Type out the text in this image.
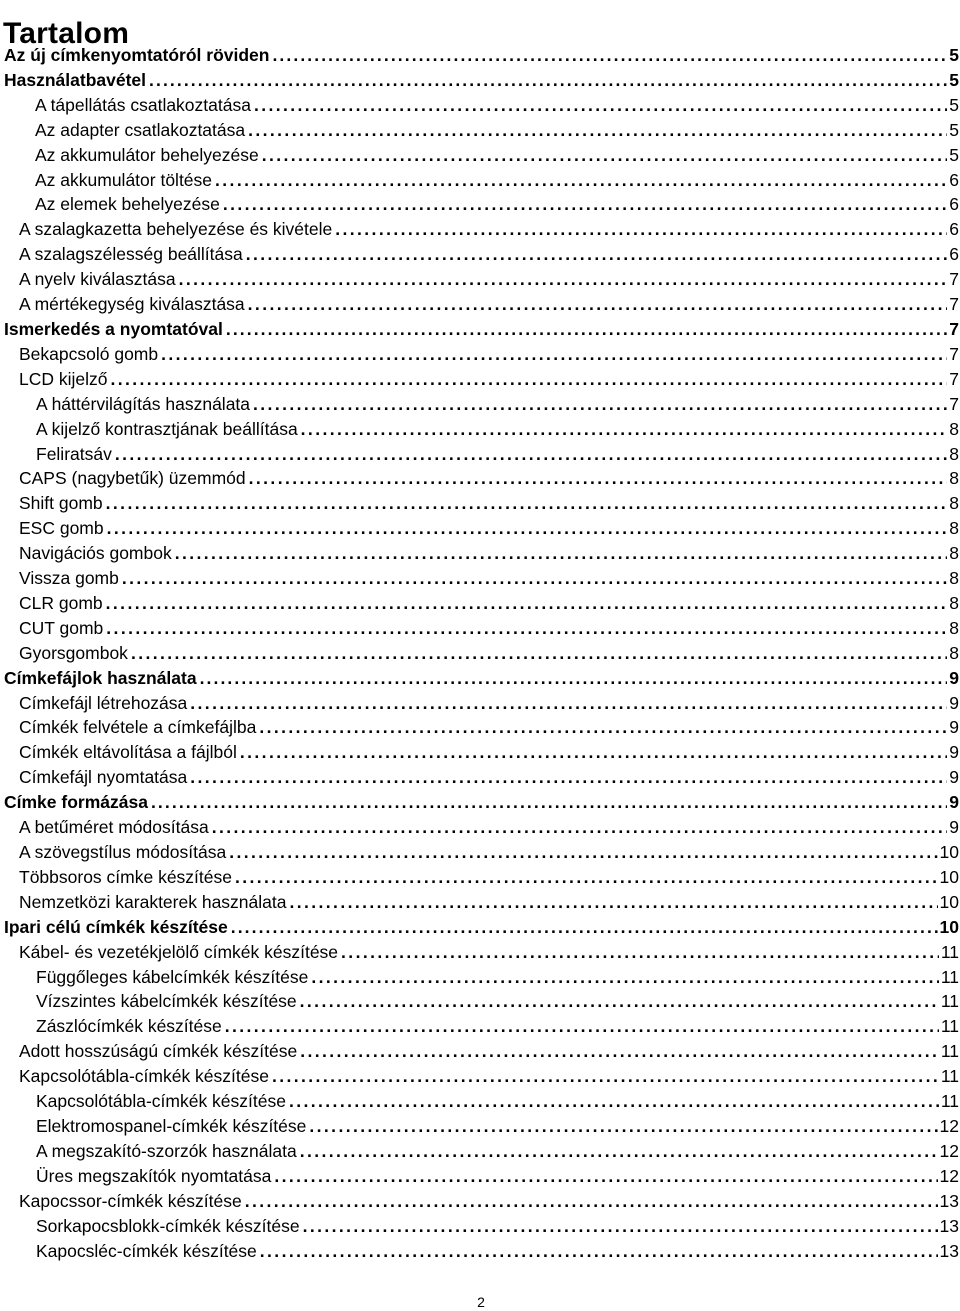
Tartalom
Az új címkenyomtatóról röviden .....	5
Használatbavétel .....	5
A tápellátás csatlakoztatása .....	5
Az adapter csatlakoztatása .....	5
Az akkumulátor behelyezése .....	5
Az akkumulátor töltése .....	6
Az elemek behelyezése .....	6
A szalagkazetta behelyezése és kivétele .....	6
A szalagszélesség beállítása .....	6
A nyelv kiválasztása .....	7
A mértékegység kiválasztása .....	7
Ismerkedés a nyomtatóval .....	7
Bekapcsoló gomb .....	7
LCD kijelző .....	7
A háttérvilágítás használata .....	7
A kijelző kontrasztjának beállítása .....	8
Feliratsáv .....	8
CAPS (nagybetűk) üzemmód .....	8
Shift gomb .....	8
ESC gomb .....	8
Navigációs gombok .....	8
Vissza gomb .....	8
CLR gomb .....	8
CUT gomb .....	8
Gyorsgombok .....	8
Címkefájlok használata .....	9
Címkefájl létrehozása .....	9
Címkék felvétele a címkefájlba .....	9
Címkék eltávolítása a fájlból .....	9
Címkefájl nyomtatása .....	9
Címke formázása .....	9
A betűméret módosítása .....	9
A szövegstílus módosítása .....	10
Többsoros címke készítése .....	10
Nemzetközi karakterek használata .....	10
Ipari célú címkék készítése .....	10
Kábel- és vezetékjelölő címkék készítése .....	11
Függőleges kábelcímkék készítése .....	11
Vízszintes kábelcímkék készítése .....	11
Zászlócímkék készítése .....	11
Adott hosszúságú címkék készítése .....	11
Kapcsolótábla-címkék készítése .....	11
Kapcsolótábla-címkék készítése .....	11
Elektromospanel-címkék készítése .....	12
A megszakító-szorzók használata .....	12
Üres megszakítók nyomtatása .....	12
Kapocssor-címkék készítése .....	13
Sorkapocsblokk-címkék készítése .....	13
Kapocsléc-címkék készítése .....	13
2
